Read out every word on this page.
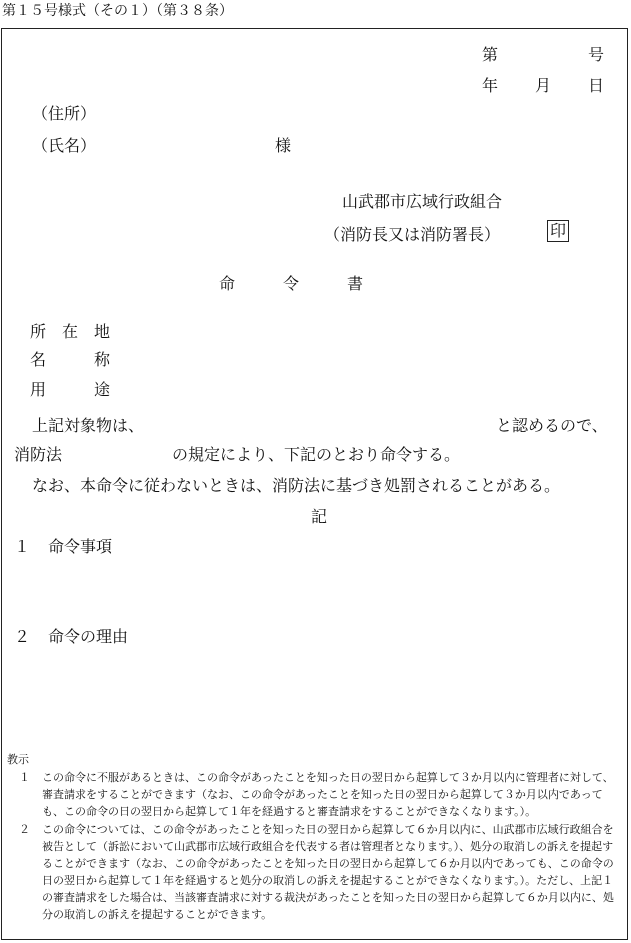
第１５号様式（その１）（第３８条）
第	号
年 月 日
（住所）
（氏名）	様
山武郡市広域行政組合
（消防長又は消防署長）	印
命　　　令　　　書
所　在　地
名　　　称
用　　　途
上記対象物は、	と認めるので、
消防法	の規定により、下記のとおり命令する。
なお、本命令に従わないときは、消防法に基づき処罰されることがある。
記
１ 命令事項
２ 命令の理由
教示
１	この命令に不服があるときは、この命令があったことを知った日の翌日から起算して３か月以内に管理者に対して、審査請求をすることができます（なお、この命令があったことを知った日の翌日から起算して３か月以内であっても、この命令の日の翌日から起算して１年を経過すると審査請求をすることができなくなります。）。
２	この命令については、この命令があったことを知った日の翌日から起算して６か月以内に、山武郡市広域行政組合を被告として（訴訟において山武郡市広域行政組合を代表する者は管理者となります。）、処分の取消しの訴えを提起することができます（なお、この命令があったことを知った日の翌日から起算して６か月以内であっても、この命令の日の翌日から起算して１年を経過すると処分の取消しの訴えを提起することができなくなります。）。ただし、上記１の審査請求をした場合は、当該審査請求に対する裁決があったことを知った日の翌日から起算して６か月以内に、処分の取消しの訴えを提起することができます。
